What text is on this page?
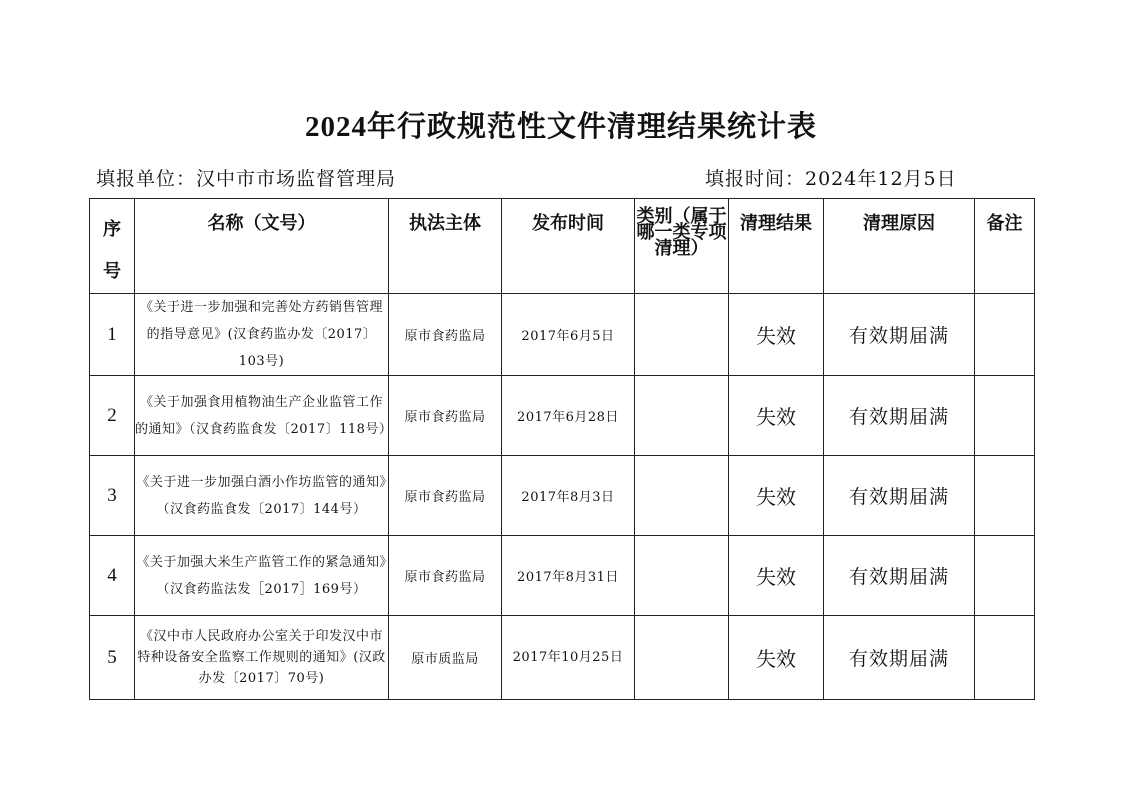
2024年行政规范性文件清理结果统计表
填报单位：汉中市市场监督管理局	填报时间：2024年12月5日
序
号	名称（文号）	执法主体	发布时间	类别（属于哪一类专项清理）	清理结果	清理原因	备注
1	《关于进一步加强和完善处方药销售管理的指导意见》(汉食药监办发〔2017〕103号)	原市食药监局	2017年6月5日		失效	有效期届满	
2	《关于加强食用植物油生产企业监管工作的通知》（汉食药监食发〔2017〕118号）	原市食药监局	2017年6月28日		失效	有效期届满	
3	《关于进一步加强白酒小作坊监管的通知》（汉食药监食发〔2017〕144号）	原市食药监局	2017年8月3日		失效	有效期届满	
4	《关于加强大米生产监管工作的紧急通知》（汉食药监法发［2017］169号）	原市食药监局	2017年8月31日		失效	有效期届满	
5	《汉中市人民政府办公室关于印发汉中市特种设备安全监察工作规则的通知》(汉政办发〔2017〕70号)	原市质监局	2017年10月25日		失效	有效期届满	
